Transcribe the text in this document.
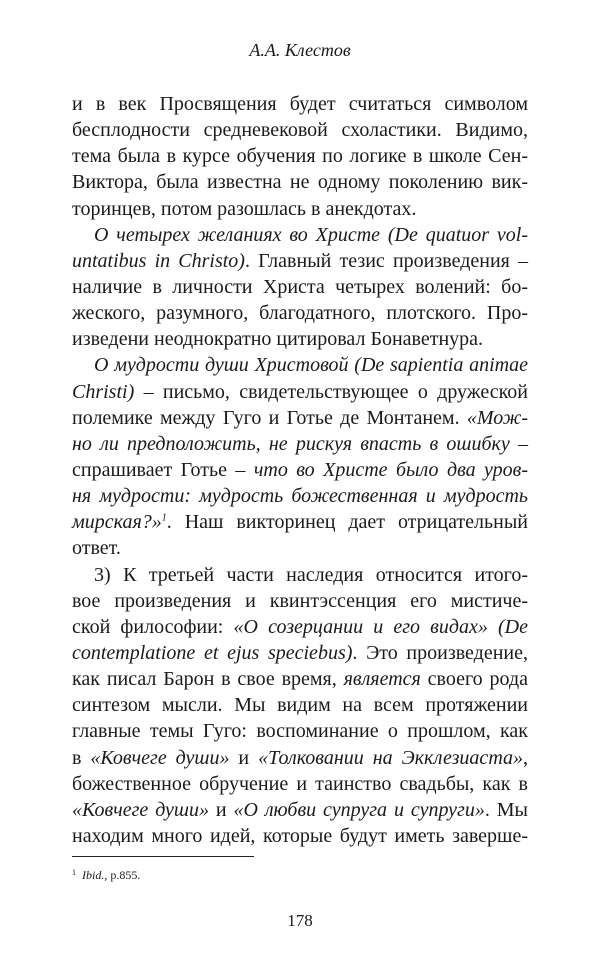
А.А. Клестов
и в век Просвящения будет считаться символом
бесплодности средневековой схоластики. Видимо,
тема была в курсе обучения по логике в школе Сен-
Виктора, была известна не одному поколению вик-
торинцев, потом разошлась в анекдотах.
О четырех желаниях во Христе (De quatuor vol-
untatibus in Christo). Главный тезис произведения –
наличие в личности Христа четырех волений: бо-
жеского, разумного, благодатного, плотского. Про-
изведени неоднократно цитировал Бонаветнура.
О мудрости души Христовой (De sapientia animae
Christi) – письмо, свидетельствующее о дружеской
полемике между Гуго и Готье де Монтанем. «Мож-
но ли предположить, не рискуя впасть в ошибку –
спрашивает Готье – что во Христе было два уров-
ня мудрости: мудрость божественная и мудрость
мирская?»$^1$. Наш викторинец дает отрицательный
ответ.
3) К третьей части наследия относится итого-
вое произведения и квинтэссенция его мистиче-
ской философии: «О созерцании и его видах» (De
contemplatione et ejus speciebus). Это произведение,
как писал Барон в свое время, является своего рода
синтезом мысли. Мы видим на всем протяжении
главные темы Гуго: воспоминание о прошлом, как
в «Ковчеге души» и «Толковании на Экклезиаста»,
божественное обручение и таинство свадьбы, как в
«Ковчеге души» и «О любви супруга и супруги». Мы
находим много идей, которые будут иметь заверше-
$^1$ Ibid., p.855.
178
